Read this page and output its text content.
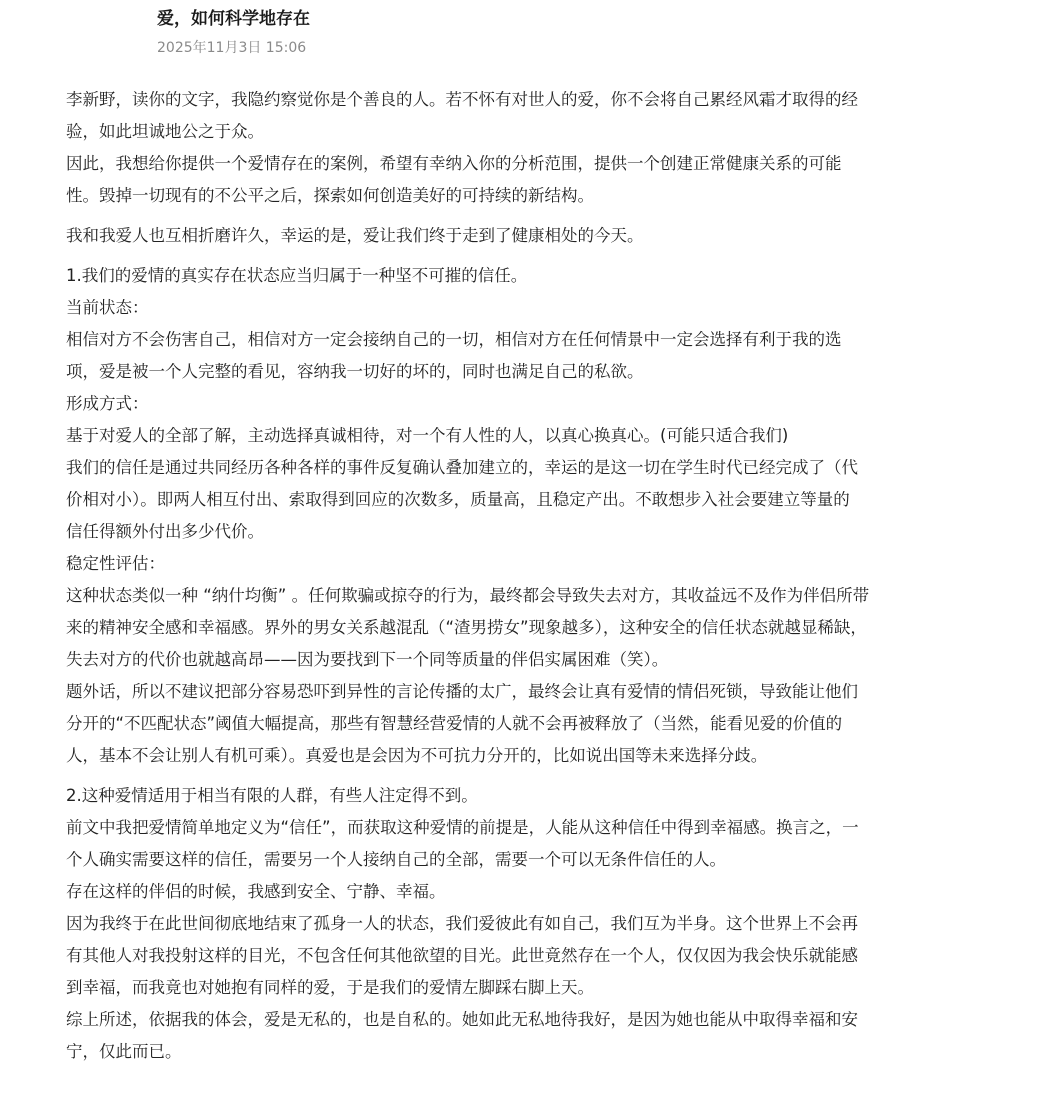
爱，如何科学地存在
2025年11月3日 15:06

李新野，读你的文字，我隐约察觉你是个善良的人。若不怀有对世人的爱，你不会将自己累经风霜才取得的经

验，如此坦诚地公之于众。

因此，我想给你提供一个爱情存在的案例，希望有幸纳入你的分析范围，提供一个创建正常健康关系的可能

性。毁掉一切现有的不公平之后，探索如何创造美好的可持续的新结构。

我和我爱人也互相折磨许久，幸运的是，爱让我们终于走到了健康相处的今天。

1.我们的爱情的真实存在状态应当归属于一种坚不可摧的信任。

当前状态：

相信对方不会伤害自己，相信对方一定会接纳自己的一切，相信对方在任何情景中一定会选择有利于我的选

项，爱是被一个人完整的看见，容纳我一切好的坏的，同时也满足自己的私欲。

形成方式：

基于对爱人的全部了解，主动选择真诚相待，对一个有人性的人，以真心换真心。(可能只适合我们)

我们的信任是通过共同经历各种各样的事件反复确认叠加建立的，幸运的是这一切在学生时代已经完成了（代

价相对小）。即两人相互付出、索取得到回应的次数多，质量高，且稳定产出。不敢想步入社会要建立等量的

信任得额外付出多少代价。

稳定性评估：

这种状态类似一种 “纳什均衡” 。任何欺骗或掠夺的行为，最终都会导致失去对方，其收益远不及作为伴侣所带

来的精神安全感和幸福感。界外的男女关系越混乱（“渣男捞女”现象越多），这种安全的信任状态就越显稀缺，

失去对方的代价也就越高昂——因为要找到下一个同等质量的伴侣实属困难（笑）。

题外话，所以不建议把部分容易恐吓到异性的言论传播的太广，最终会让真有爱情的情侣死锁，导致能让他们

分开的“不匹配状态”阈值大幅提高，那些有智慧经营爱情的人就不会再被释放了（当然，能看见爱的价值的

人，基本不会让别人有机可乘）。真爱也是会因为不可抗力分开的，比如说出国等未来选择分歧。

2.这种爱情适用于相当有限的人群，有些人注定得不到。

前文中我把爱情简单地定义为“信任”，而获取这种爱情的前提是，人能从这种信任中得到幸福感。换言之，一

个人确实需要这样的信任，需要另一个人接纳自己的全部，需要一个可以无条件信任的人。

存在这样的伴侣的时候，我感到安全、宁静、幸福。

因为我终于在此世间彻底地结束了孤身一人的状态，我们爱彼此有如自己，我们互为半身。这个世界上不会再

有其他人对我投射这样的目光，不包含任何其他欲望的目光。此世竟然存在一个人，仅仅因为我会快乐就能感

到幸福，而我竟也对她抱有同样的爱，于是我们的爱情左脚踩右脚上天。

综上所述，依据我的体会，爱是无私的，也是自私的。她如此无私地待我好，是因为她也能从中取得幸福和安

宁，仅此而已。
